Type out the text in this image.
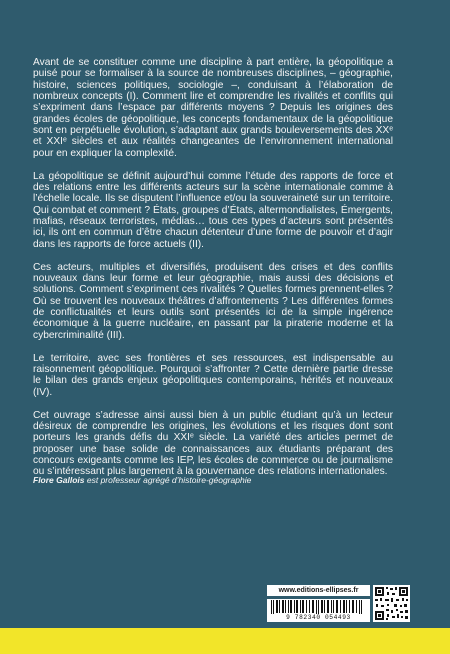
Avant de se constituer comme une discipline à part entière, la géopolitique a puisé pour se formaliser à la source de nombreuses disciplines, – géographie, histoire, sciences politiques, sociologie –, conduisant à l’élaboration de nombreux concepts (I). Comment lire et comprendre les rivalités et conflits qui s’expriment dans l’espace par différents moyens ? Depuis les origines des grandes écoles de géopolitique, les concepts fondamentaux de la géopolitique sont en perpétuelle évolution, s’adaptant aux grands bouleversements des XXᵉ et XXIᵉ siècles et aux réalités changeantes de l’environnement international pour en expliquer la complexité.

La géopolitique se définit aujourd’hui comme l’étude des rapports de force et des relations entre les différents acteurs sur la scène internationale comme à l’échelle locale. Ils se disputent l’influence et/ou la souveraineté sur un territoire. Qui combat et comment ? États, groupes d’États, altermondialistes, Émergents, mafias, réseaux terroristes, médias… tous ces types d’acteurs sont présentés ici, ils ont en commun d’être chacun détenteur d’une forme de pouvoir et d’agir dans les rapports de force actuels (II).

Ces acteurs, multiples et diversifiés, produisent des crises et des conflits nouveaux dans leur forme et leur géographie, mais aussi des décisions et solutions. Comment s’expriment ces rivalités ? Quelles formes prennent-elles ? Où se trouvent les nouveaux théâtres d’affrontements ? Les différentes formes de conflictualités et leurs outils sont présentés ici de la simple ingérence économique à la guerre nucléaire, en passant par la piraterie moderne et la cybercriminalité (III).

Le territoire, avec ses frontières et ses ressources, est indispensable au raisonnement géopolitique. Pourquoi s’affronter ? Cette dernière partie dresse le bilan des grands enjeux géopolitiques contemporains, hérités et nouveaux (IV).

Cet ouvrage s’adresse ainsi aussi bien à un public étudiant qu’à un lecteur désireux de comprendre les origines, les évolutions et les risques dont sont porteurs les grands défis du XXIᵉ siècle. La variété des articles permet de proposer une base solide de connaissances aux étudiants préparant des concours exigeants comme les IEP, les écoles de commerce ou de journalisme ou s’intéressant plus largement à la gouvernance des relations internationales.

Flore Gallois est professeur agrégé d’histoire-géographie
www.editions-ellipses.fr
9 782340 054493
